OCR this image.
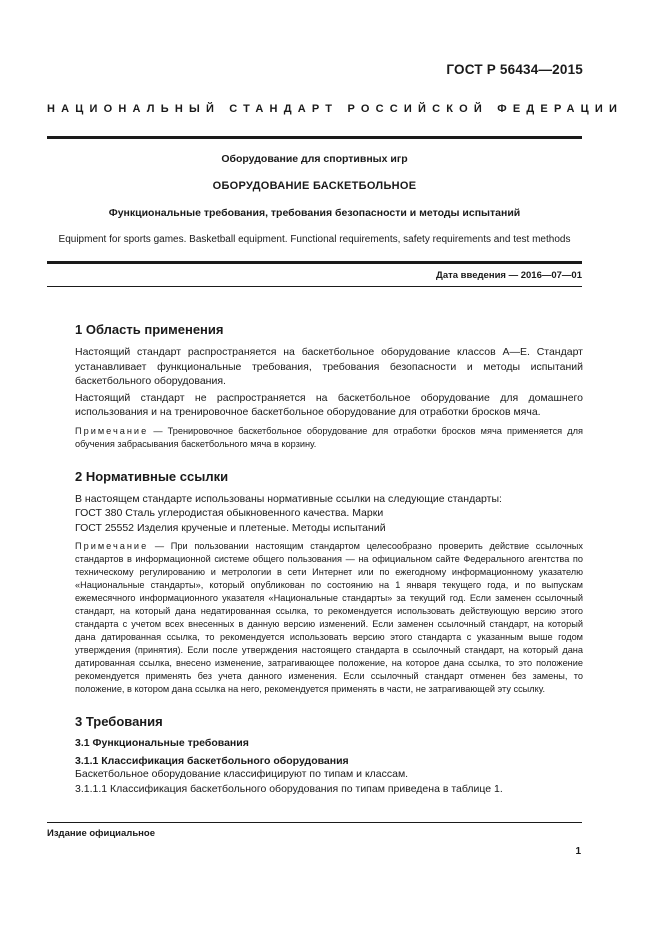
ГОСТ Р 56434—2015
НАЦИОНАЛЬНЫЙ СТАНДАРТ РОССИЙСКОЙ ФЕДЕРАЦИИ
Оборудование для спортивных игр
ОБОРУДОВАНИЕ БАСКЕТБОЛЬНОЕ
Функциональные требования, требования безопасности и методы испытаний
Equipment for sports games. Basketball equipment. Functional requirements, safety requirements and test methods
Дата введения — 2016—07—01
1 Область применения

Настоящий стандарт распространяется на баскетбольное оборудование классов А—Е. Стандарт устанавливает функциональные требования, требования безопасности и методы испытаний баскетбольного оборудования.

Настоящий стандарт не распространяется на баскетбольное оборудование для домашнего использования и на тренировочное баскетбольное оборудование для отработки бросков мяча.

Примечание — Тренировочное баскетбольное оборудование для отработки бросков мяча применяется для обучения забрасывания баскетбольного мяча в корзину.

2 Нормативные ссылки

В настоящем стандарте использованы нормативные ссылки на следующие стандарты:

ГОСТ 380 Сталь углеродистая обыкновенного качества. Марки

ГОСТ 25552 Изделия крученые и плетеные. Методы испытаний

Примечание — При пользовании настоящим стандартом целесообразно проверить действие ссылочных стандартов в информационной системе общего пользования — на официальном сайте Федерального агентства по техническому регулированию и метрологии в сети Интернет или по ежегодному информационному указателю «Национальные стандарты», который опубликован по состоянию на 1 января текущего года, и по выпускам ежемесячного информационного указателя «Национальные стандарты» за текущий год. Если заменен ссылочный стандарт, на который дана недатированная ссылка, то рекомендуется использовать действующую версию этого стандарта с учетом всех внесенных в данную версию изменений. Если заменен ссылочный стандарт, на который дана датированная ссылка, то рекомендуется использовать версию этого стандарта с указанным выше годом утверждения (принятия). Если после утверждения настоящего стандарта в ссылочный стандарт, на который дана датированная ссылка, внесено изменение, затрагивающее положение, на которое дана ссылка, то это положение рекомендуется применять без учета данного изменения. Если ссылочный стандарт отменен без замены, то положение, в котором дана ссылка на него, рекомендуется применять в части, не затрагивающей эту ссылку.

3 Требования
3.1 Функциональные требования
3.1.1 Классификация баскетбольного оборудования

Баскетбольное оборудование классифицируют по типам и классам.

3.1.1.1 Классификация баскетбольного оборудования по типам приведена в таблице 1.

Издание официальное
1
